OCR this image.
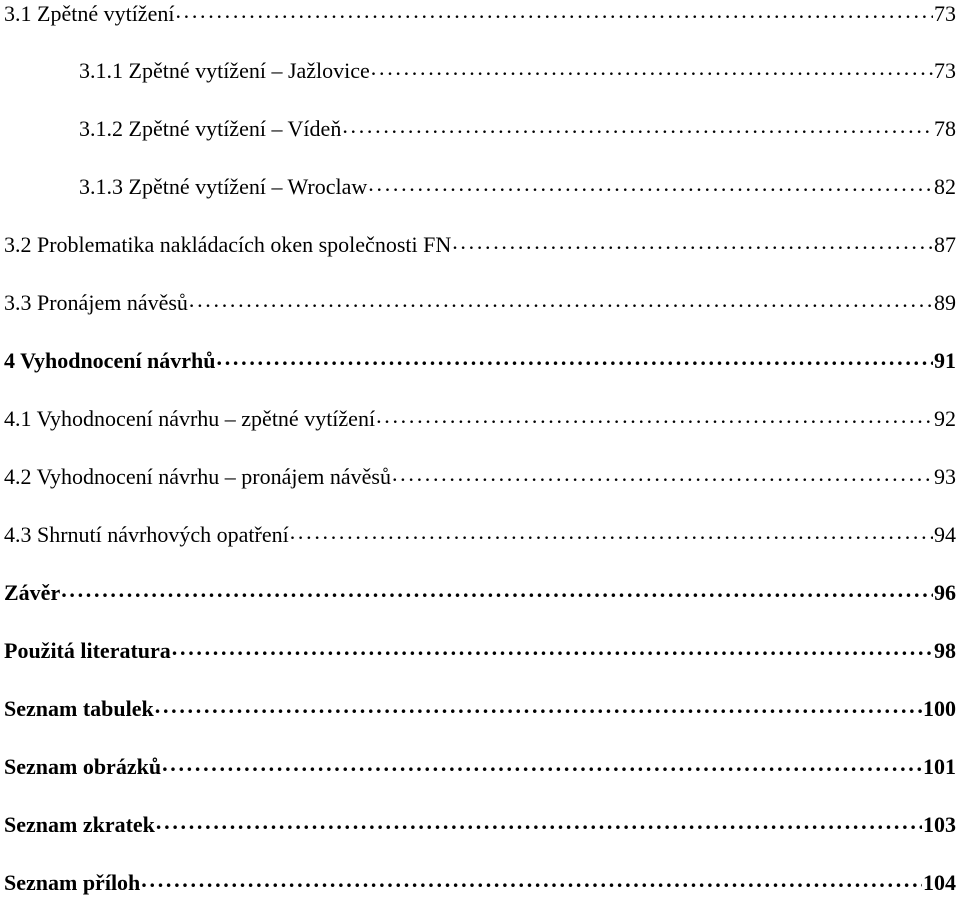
3.1 Zpětné vytížení . . .	73
3.1.1 Zpětné vytížení – Jažlovice . . .	73
3.1.2 Zpětné vytížení – Vídeň . . .	78
3.1.3 Zpětné vytížení – Wroclaw . . .	82
3.2 Problematika nakládacích oken společnosti FN . . .	87
3.3 Pronájem návěsů . . .	89
4 Vyhodnocení návrhů . . .	91
4.1 Vyhodnocení návrhu – zpětné vytížení . . .	92
4.2 Vyhodnocení návrhu – pronájem návěsů . . .	93
4.3 Shrnutí návrhových opatření . . .	94
Závěr . . .	96
Použitá literatura . . .	98
Seznam tabulek . . .	100
Seznam obrázků . . .	101
Seznam zkratek . . .	103
Seznam příloh . . .	104
